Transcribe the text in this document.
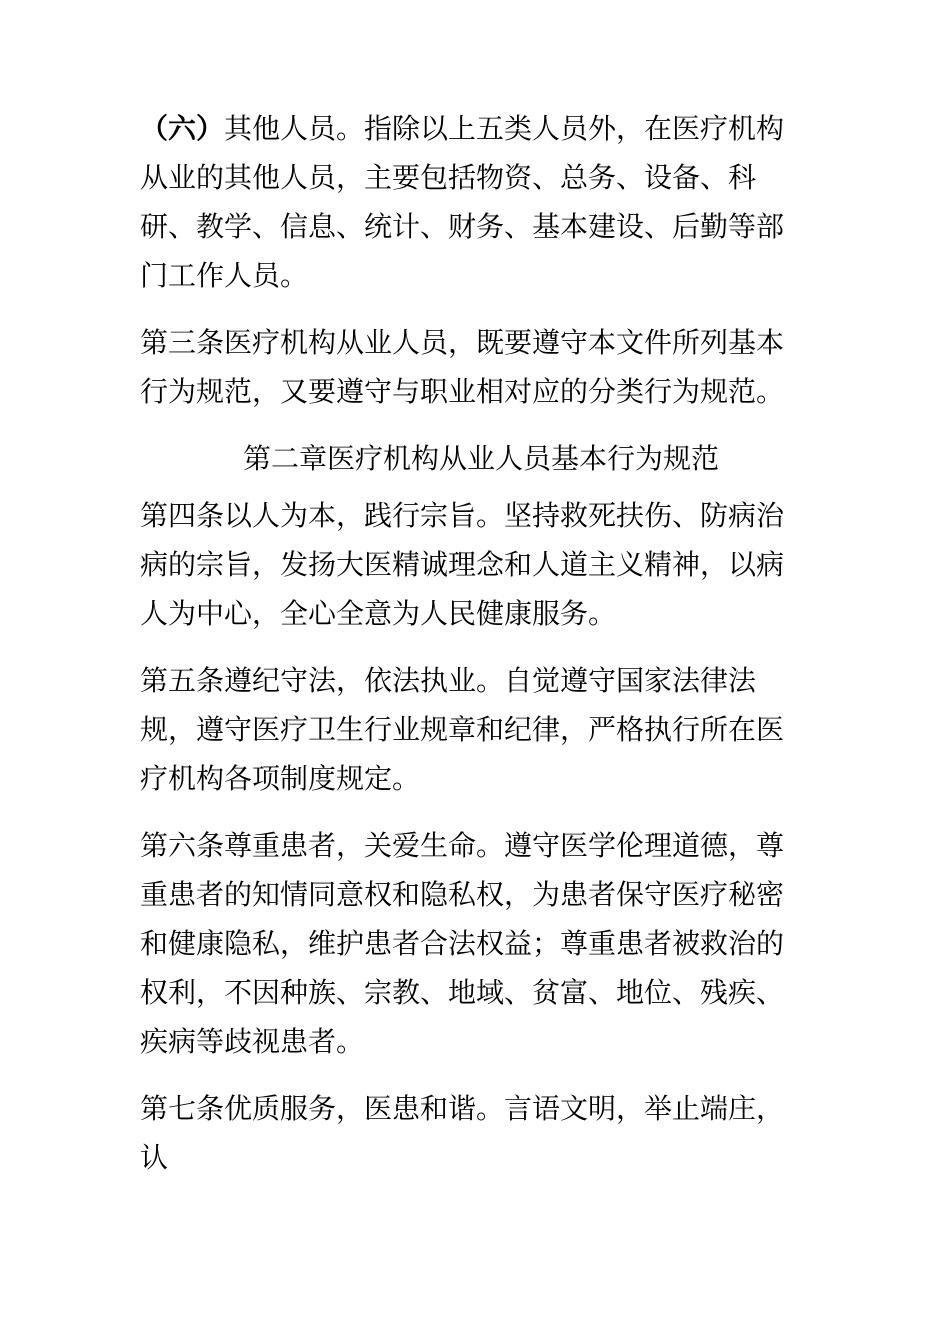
（六）其他人员。指除以上五类人员外，在医疗机构从业的其他人员，主要包括物资、总务、设备、科研、教学、信息、统计、财务、基本建设、后勤等部门工作人员。

第三条医疗机构从业人员，既要遵守本文件所列基本行为规范，又要遵守与职业相对应的分类行为规范。

第二章医疗机构从业人员基本行为规范

第四条以人为本，践行宗旨。坚持救死扶伤、防病治病的宗旨，发扬大医精诚理念和人道主义精神，以病人为中心，全心全意为人民健康服务。

第五条遵纪守法，依法执业。自觉遵守国家法律法规，遵守医疗卫生行业规章和纪律，严格执行所在医疗机构各项制度规定。

第六条尊重患者，关爱生命。遵守医学伦理道德，尊重患者的知情同意权和隐私权，为患者保守医疗秘密和健康隐私，维护患者合法权益；尊重患者被救治的权利，不因种族、宗教、地域、贫富、地位、残疾、疾病等歧视患者。

第七条优质服务，医患和谐。言语文明，举止端庄，认
